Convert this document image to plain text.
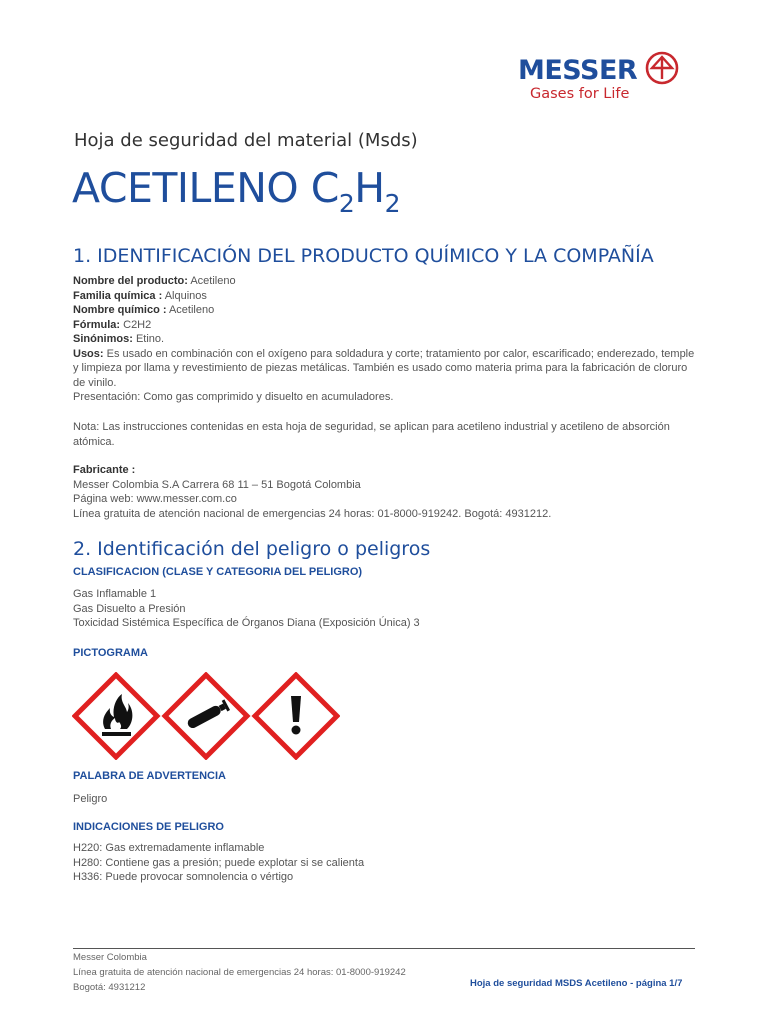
MESSER
Gases for Life
Hoja de seguridad del material (Msds)
ACETILENO $C_2H_2$
1. IDENTIFICACIÓN DEL PRODUCTO QUÍMICO Y LA COMPAÑÍA

Nombre del producto: Acetileno

Familia química : Alquinos

Nombre químico : Acetileno

Fórmula: C2H2

Sinónimos: Etino.

Usos: Es usado en combinación con el oxígeno para soldadura y corte; tratamiento por calor, escarificado; enderezado, temple y limpieza por llama y revestimiento de piezas metálicas. También es usado como materia prima para la fabricación de cloruro de vinilo.

Presentación: Como gas comprimido y disuelto en acumuladores.

Nota: Las instrucciones contenidas en esta hoja de seguridad, se aplican para acetileno industrial y acetileno de absorción atómica.

Fabricante :

Messer Colombia S.A Carrera 68 11 – 51 Bogotá Colombia

Página web: www.messer.com.co

Línea gratuita de atención nacional de emergencias 24 horas: 01-8000-919242. Bogotá: 4931212.

2. Identificación del peligro o peligros
CLASIFICACION (CLASE Y CATEGORIA DEL PELIGRO)

Gas Inflamable 1

Gas Disuelto a Presión

Toxicidad Sistémica Específica de Órganos Diana (Exposición Única) 3

PICTOGRAMA
PALABRA DE ADVERTENCIA
Peligro
INDICACIONES DE PELIGRO

H220: Gas extremadamente inflamable

H280: Contiene gas a presión; puede explotar si se calienta

H336: Puede provocar somnolencia o vértigo

Messer Colombia

Línea gratuita de atención nacional de emergencias 24 horas: 01-8000-919242

Bogotá: 4931212	Hoja de seguridad MSDS Acetileno - página 1/7
